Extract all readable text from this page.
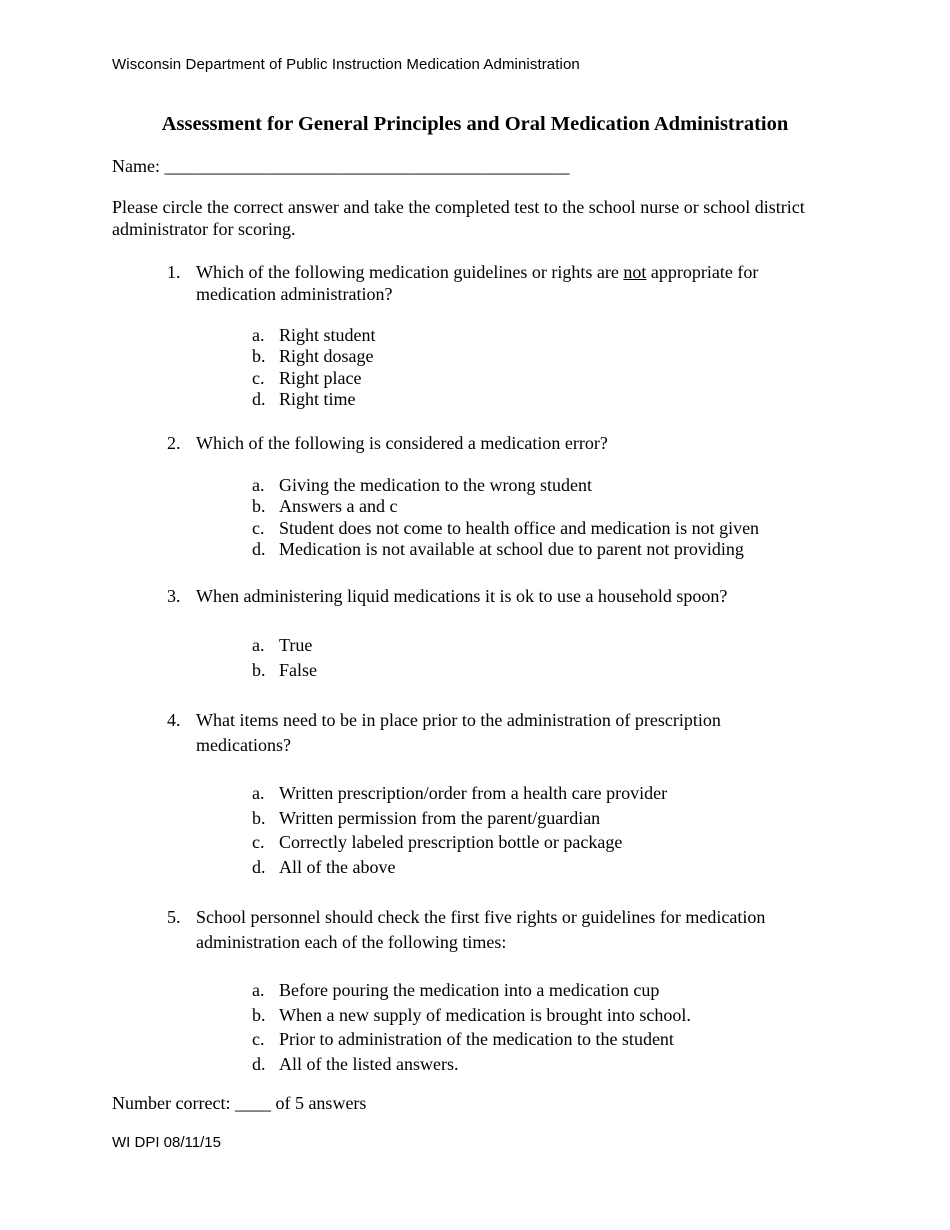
Wisconsin Department of Public Instruction Medication Administration
Assessment for General Principles and Oral Medication Administration
Name: _____________________________________________

Please circle the correct answer and take the completed test to the school nurse or school district administrator for scoring.

1. Which of the following medication guidelines or rights are not appropriate for medication administration?
a. Right student
b. Right dosage
c. Right place
d. Right time
2. Which of the following is considered a medication error?
a. Giving the medication to the wrong student
b. Answers a and c
c. Student does not come to health office and medication is not given
d. Medication is not available at school due to parent not providing
3. When administering liquid medications it is ok to use a household spoon?
a. True
b. False
4. What items need to be in place prior to the administration of prescription medications?
a. Written prescription/order from a health care provider
b. Written permission from the parent/guardian
c. Correctly labeled prescription bottle or package
d. All of the above
5. School personnel should check the first five rights or guidelines for medication administration each of the following times:
a. Before pouring the medication into a medication cup
b. When a new supply of medication is brought into school.
c. Prior to administration of the medication to the student
d. All of the listed answers.
Number correct: ____ of 5 answers
WI DPI 08/11/15
